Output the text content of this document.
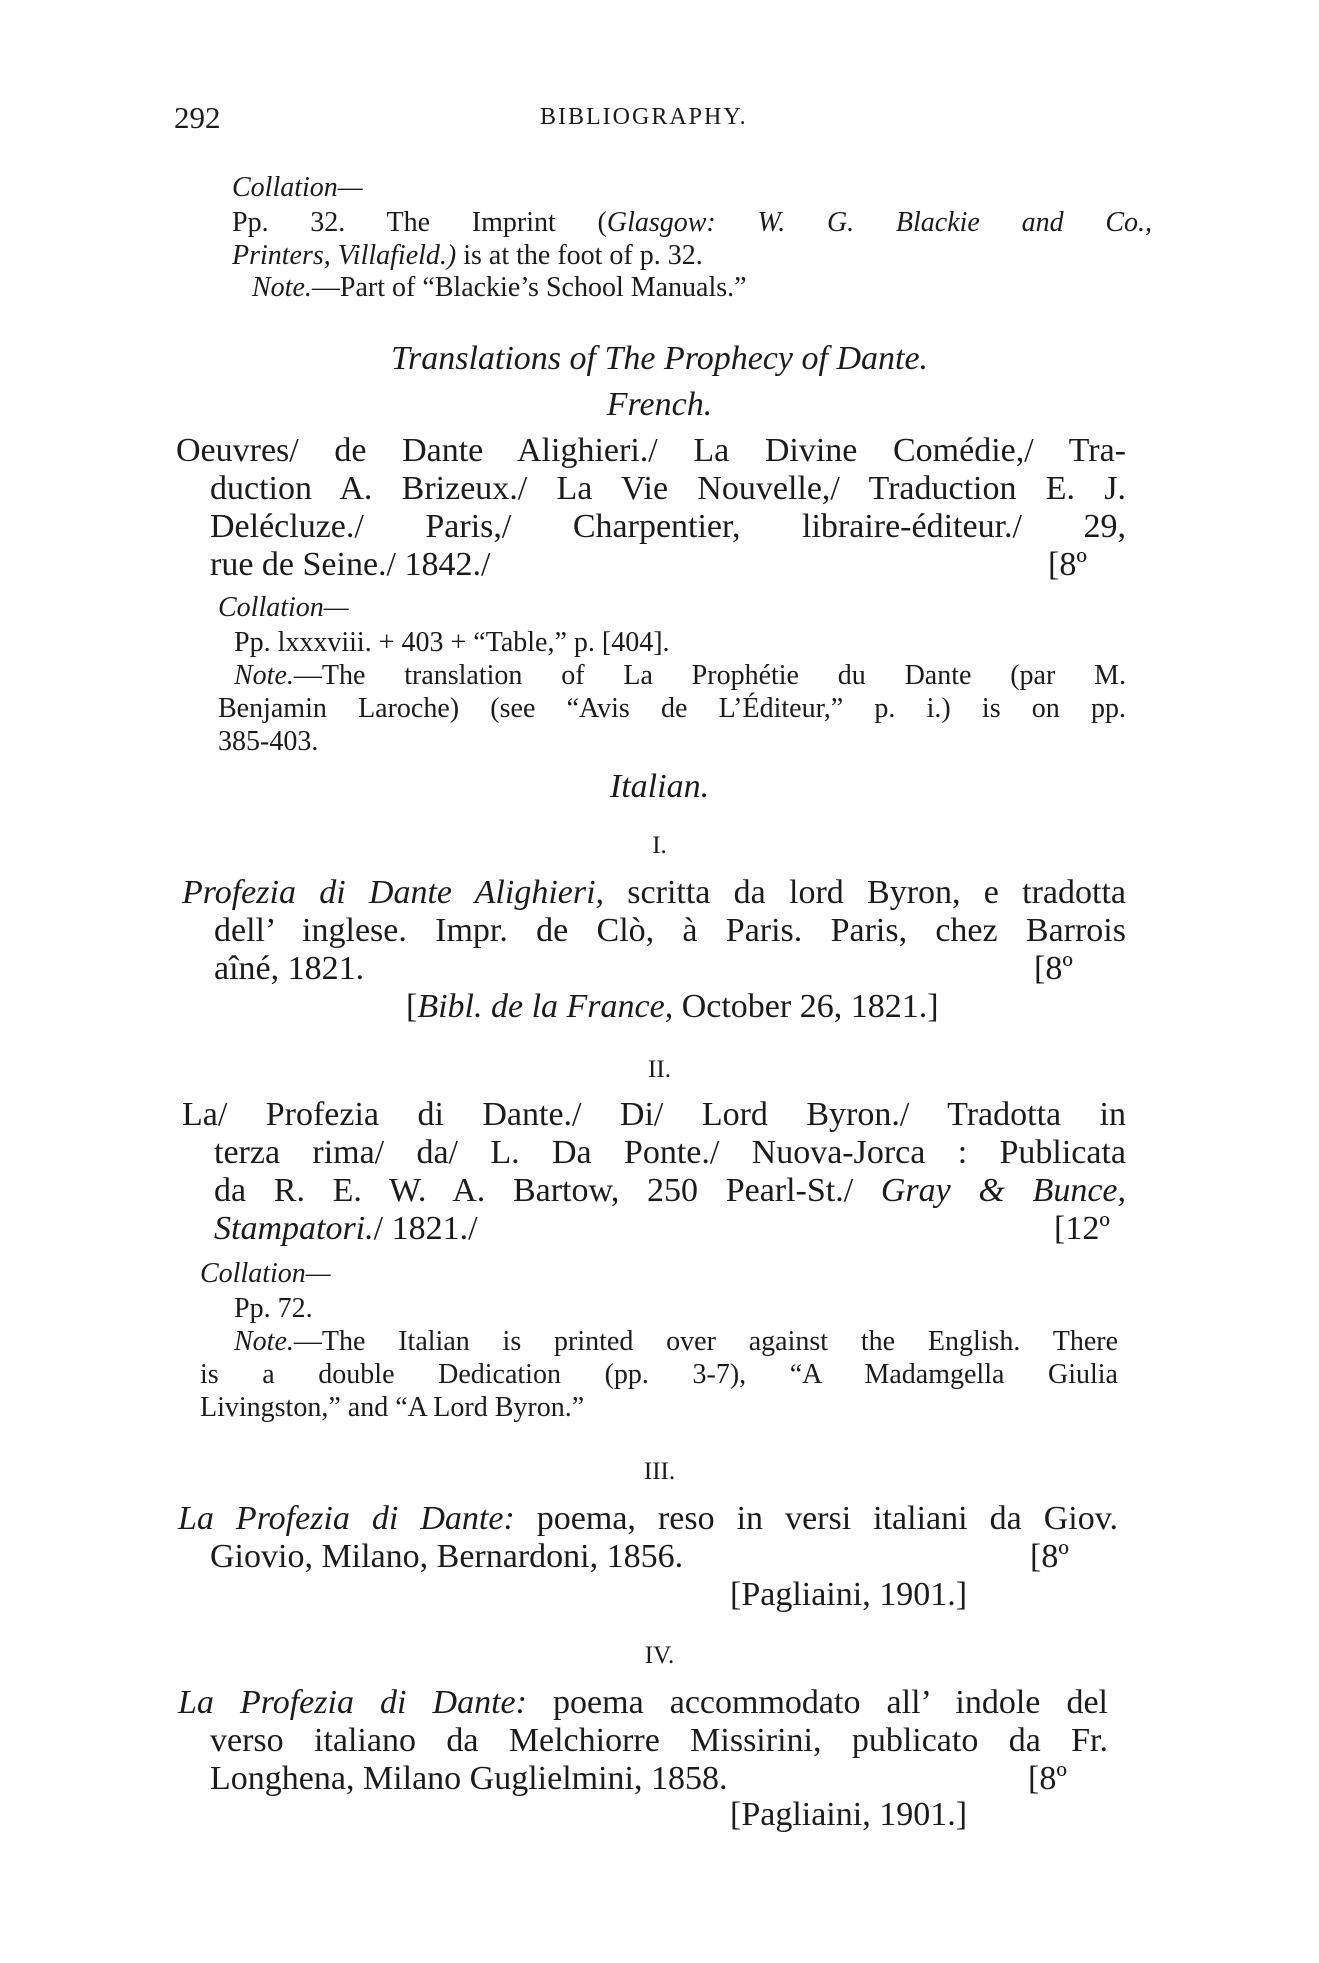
292	BIBLIOGRAPHY.
Collation—
Pp. 32. The Imprint (Glasgow: W. G. Blackie and Co.,
Printers, Villafield.) is at the foot of p. 32.
Note.—Part of “Blackie’s School Manuals.”
Translations of The Prophecy of Dante.
French.
Oeuvres/ de Dante Alighieri./ La Divine Comédie,/ Tra-
duction A. Brizeux./ La Vie Nouvelle,/ Traduction E. J.
Delécluze./ Paris,/ Charpentier, libraire-éditeur./ 29,
rue de Seine./ 1842./	[8º
Collation—
Pp. lxxxviii. + 403 + “Table,” p. [404].
Note.—The translation of La Prophétie du Dante (par M.
Benjamin Laroche) (see “Avis de L’Éditeur,” p. i.) is on pp.
385-403.
Italian.
I.
Profezia di Dante Alighieri, scritta da lord Byron, e tradotta
dell’ inglese. Impr. de Clò, à Paris. Paris, chez Barrois
aîné, 1821.	[8º
[Bibl. de la France, October 26, 1821.]
II.
La/ Profezia di Dante./ Di/ Lord Byron./ Tradotta in
terza rima/ da/ L. Da Ponte./ Nuova-Jorca : Publicata
da R. E. W. A. Bartow, 250 Pearl-St./ Gray & Bunce,
Stampatori./ 1821./	[12º
Collation—
Pp. 72.
Note.—The Italian is printed over against the English. There
is a double Dedication (pp. 3-7), “A Madamgella Giulia
Livingston,” and “A Lord Byron.”
III.
La Profezia di Dante: poema, reso in versi italiani da Giov.
Giovio, Milano, Bernardoni, 1856.	[8º
[Pagliaini, 1901.]
IV.
La Profezia di Dante: poema accommodato all’ indole del
verso italiano da Melchiorre Missirini, publicato da Fr.
Longhena, Milano Guglielmini, 1858.	[8º
[Pagliaini, 1901.]
